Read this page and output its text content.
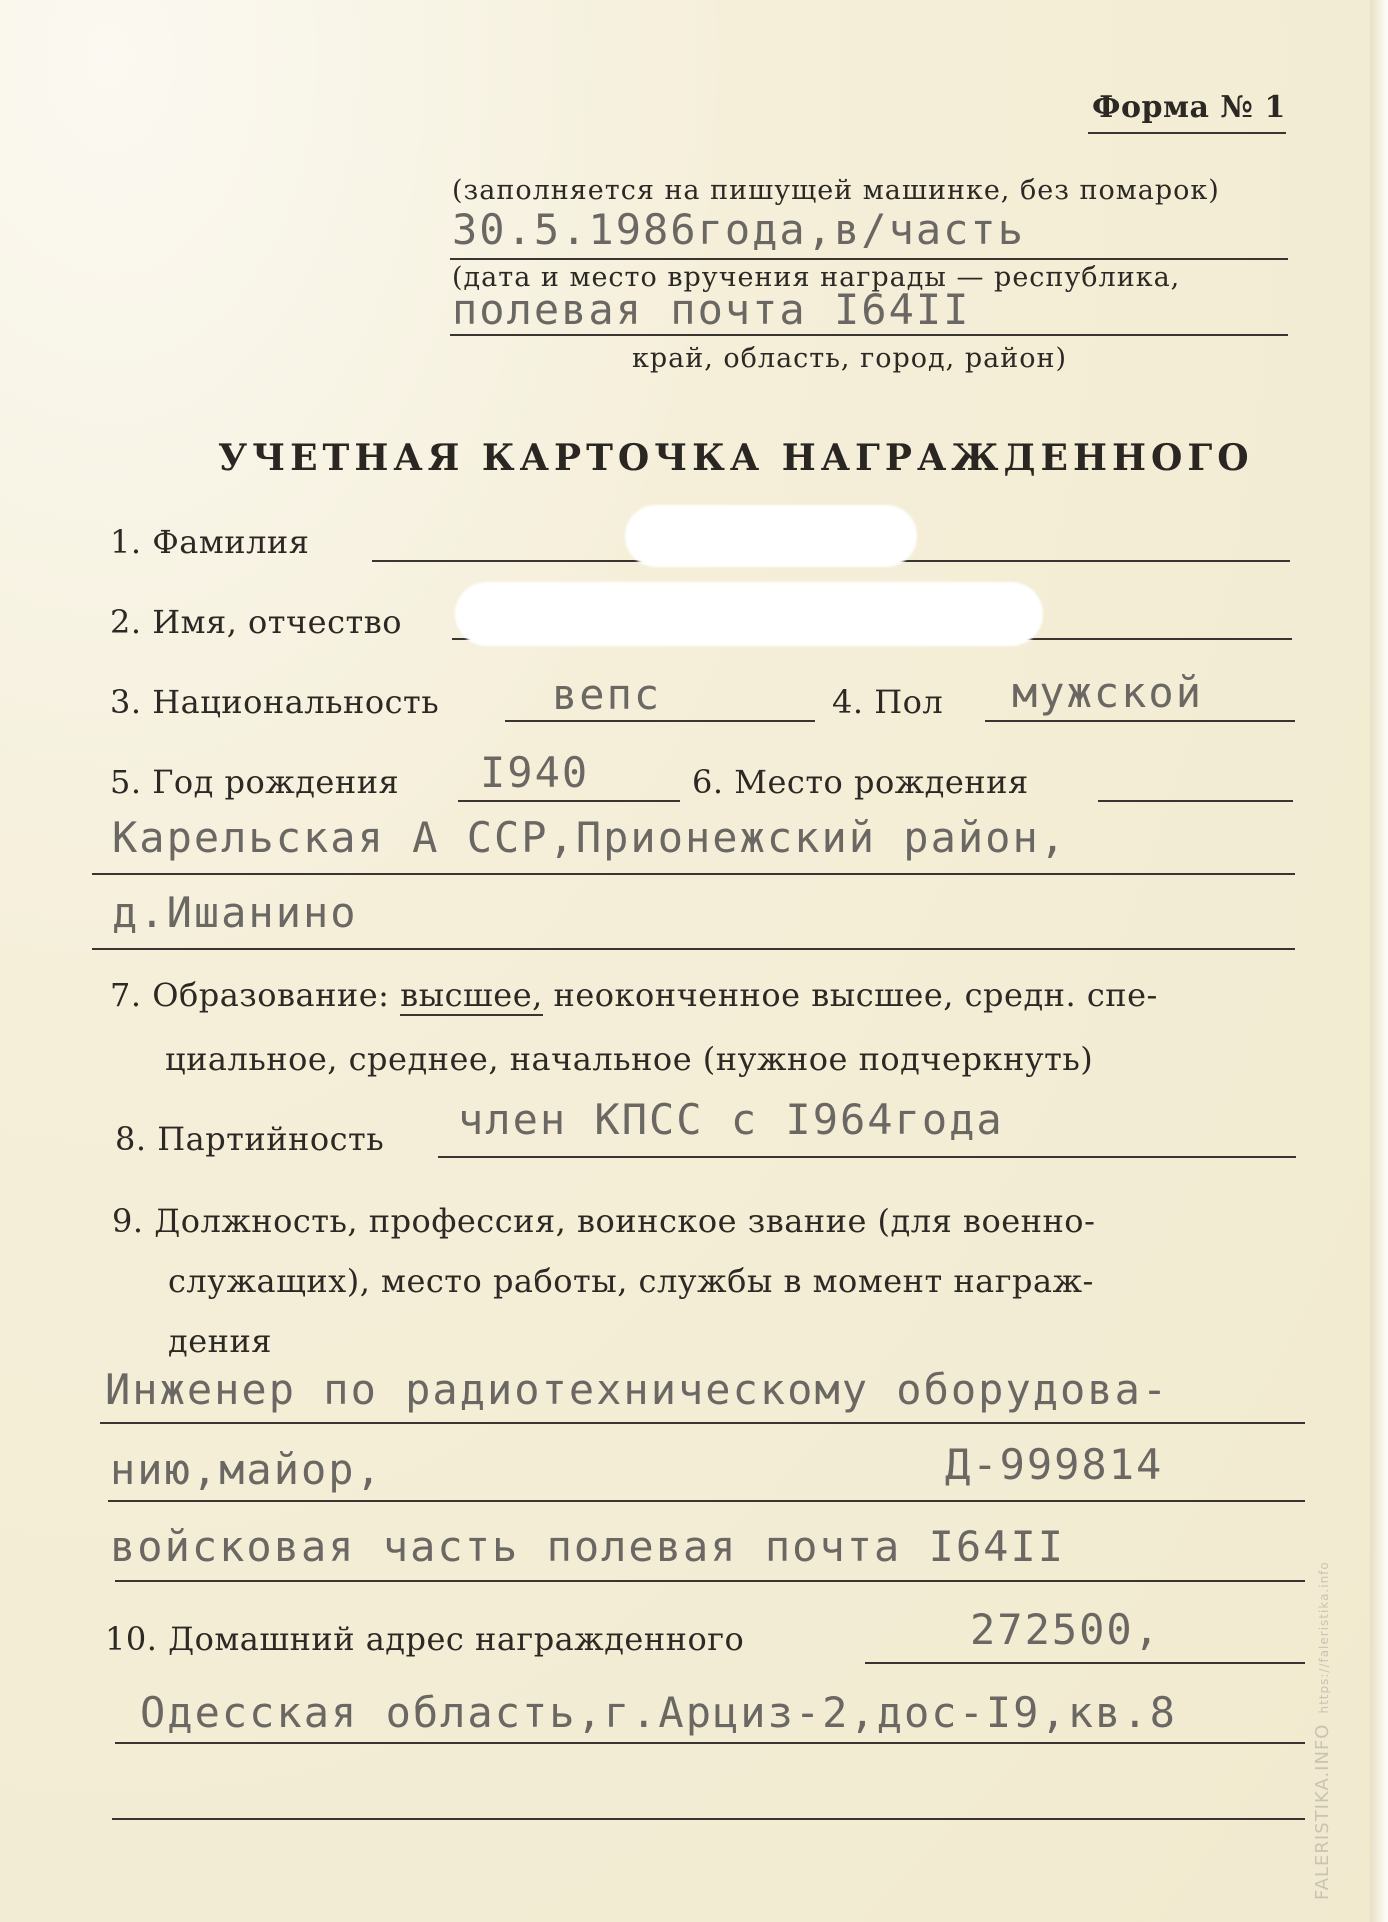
Форма № 1
(заполняется на пишущей машинке, без помарок)
30.5.1986года,в/часть
(дата и место вручения награды — республика,
полевая почта I64II
край, область, город, район)
УЧЕТНАЯ КАРТОЧКА НАГРАЖДЕННОГО
1. Фамилия
2. Имя, отчество
3. Национальность	вепс	4. Пол мужской
5. Год рождения I940	6. Место рождения
Карельская А ССР,Прионежский район,
д.Ишанино
7. Образование: высшее, неоконченное высшее, средн. спе-
циальное, среднее, начальное (нужное подчеркнуть)
8. Партийность член КПСС с I964года
9. Должность, профессия, воинское звание (для военно-
служащих), место работы, службы в момент награж-
дения
Инженер по радиотехническому оборудова-
нию,майор,	Д-999814
войсковая часть полевая почта I64II
10. Домашний адрес награжденного	272500,
Одесская область,г.Арциз-2,дос-I9,кв.8
FALERISTIKA.INFOhttps://faleristika.info
